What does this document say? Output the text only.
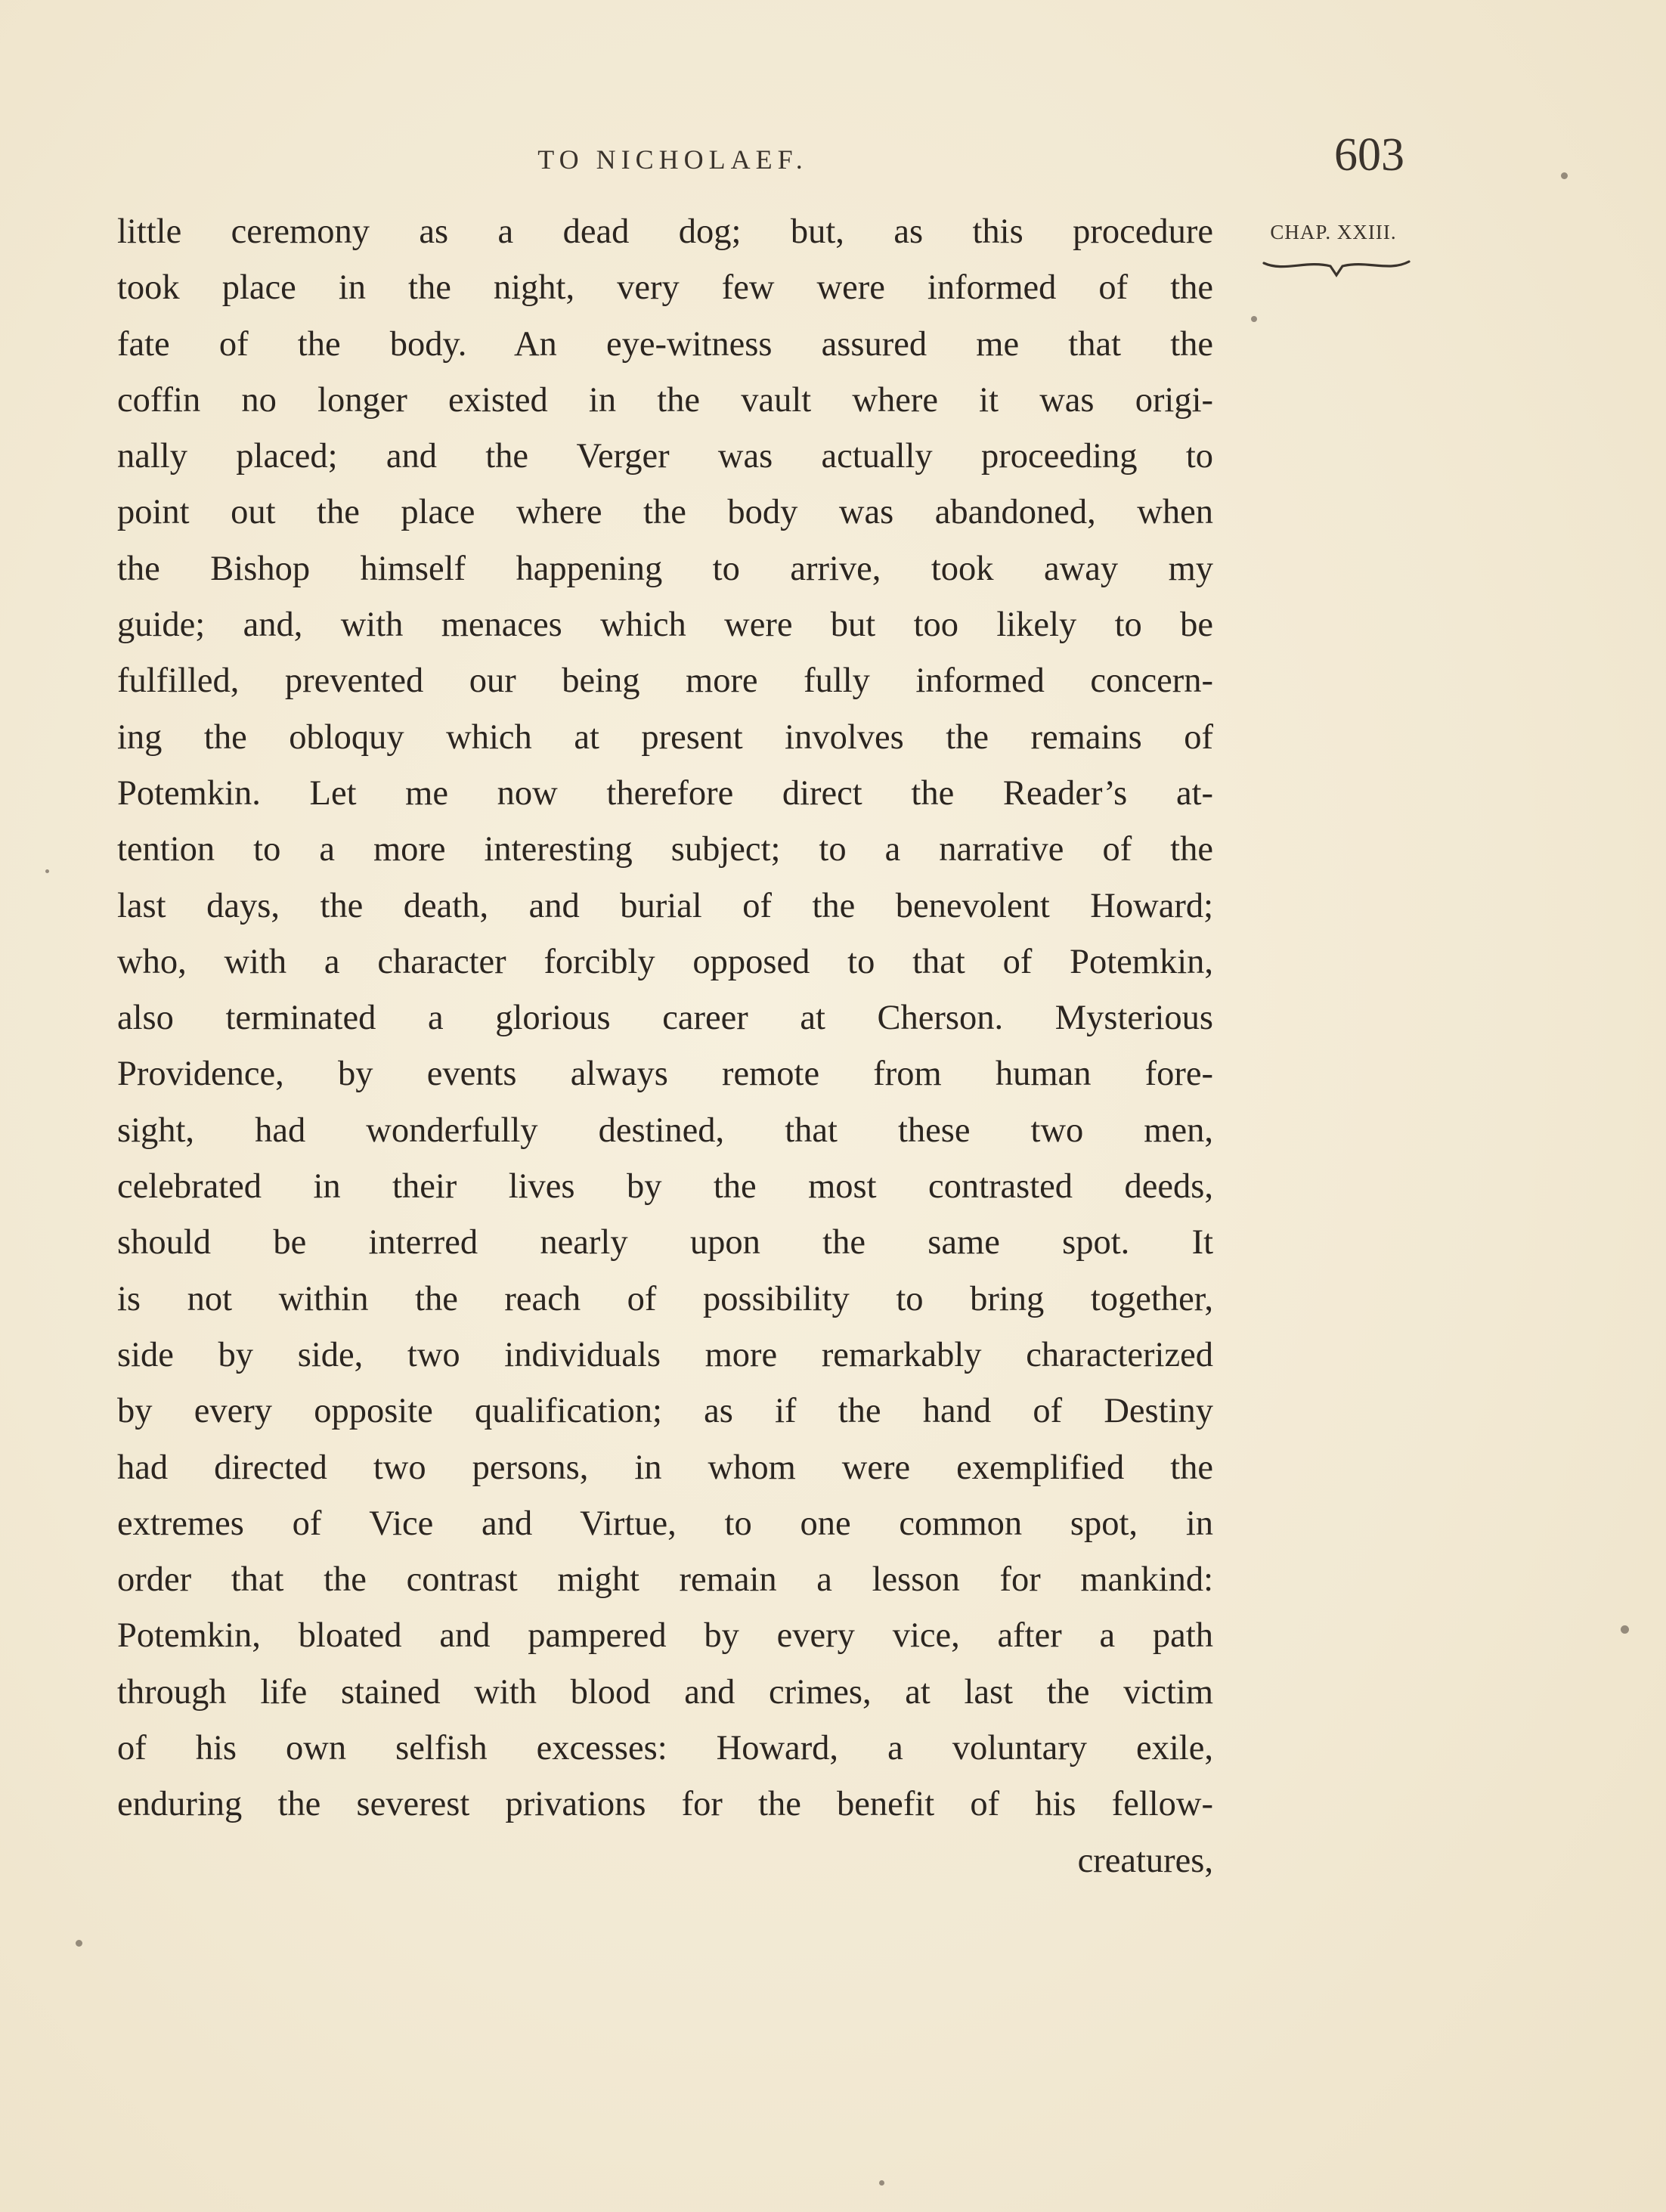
TO NICHOLAEF.	603
CHAP. XXIII.
little ceremony as a dead dog; but, as this procedure
took place in the night, very few were informed of the
fate of the body. An eye-witness assured me that the
coffin no longer existed in the vault where it was origi-
nally placed; and the Verger was actually proceeding to
point out the place where the body was abandoned, when
the Bishop himself happening to arrive, took away my
guide; and, with menaces which were but too likely to be
fulfilled, prevented our being more fully informed concern-
ing the obloquy which at present involves the remains of
Potemkin. Let me now therefore direct the Reader’s at-
tention to a more interesting subject; to a narrative of the
last days, the death, and burial of the benevolent Howard;
who, with a character forcibly opposed to that of Potemkin,
also terminated a glorious career at Cherson. Mysterious
Providence, by events always remote from human fore-
sight, had wonderfully destined, that these two men,
celebrated in their lives by the most contrasted deeds,
should be interred nearly upon the same spot. It
is not within the reach of possibility to bring together,
side by side, two individuals more remarkably characterized
by every opposite qualification; as if the hand of Destiny
had directed two persons, in whom were exemplified the
extremes of Vice and Virtue, to one common spot, in
order that the contrast might remain a lesson for mankind:
Potemkin, bloated and pampered by every vice, after a path
through life stained with blood and crimes, at last the victim
of his own selfish excesses: Howard, a voluntary exile,
enduring the severest privations for the benefit of his fellow-
creatures,
